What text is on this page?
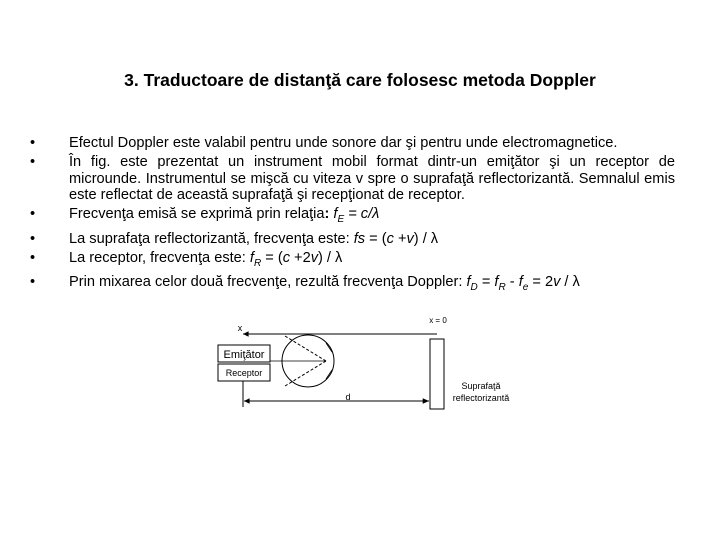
3. Traductoare de distanţă care folosesc metoda Doppler
• Efectul Doppler este valabil pentru unde sonore dar şi pentru unde electromagnetice.
• În fig. este prezentat un instrument mobil format dintr-un emiţător şi un receptor de microunde. Instrumentul se mişcă cu viteza v spre o suprafaţă reflectorizantă. Semnalul emis este reflectat de această suprafaţă şi recepţionat de receptor.
• Frecvenţa emisă se exprimă prin relaţia: $f_E = c/\lambda$
• La suprafaţa reflectorizantă, frecvenţa este: fs = (c +v) / λ
• La receptor, frecvenţa este: $f_R = (c +2v) / \lambda$
• Prin mixarea celor două frecvenţe, rezultă frecvenţa Doppler: $f_D = f_R - f_e = 2v / \lambda$
x = 0
x
Emiţător
Receptor
d
Suprafaţă
reflectorizantă
